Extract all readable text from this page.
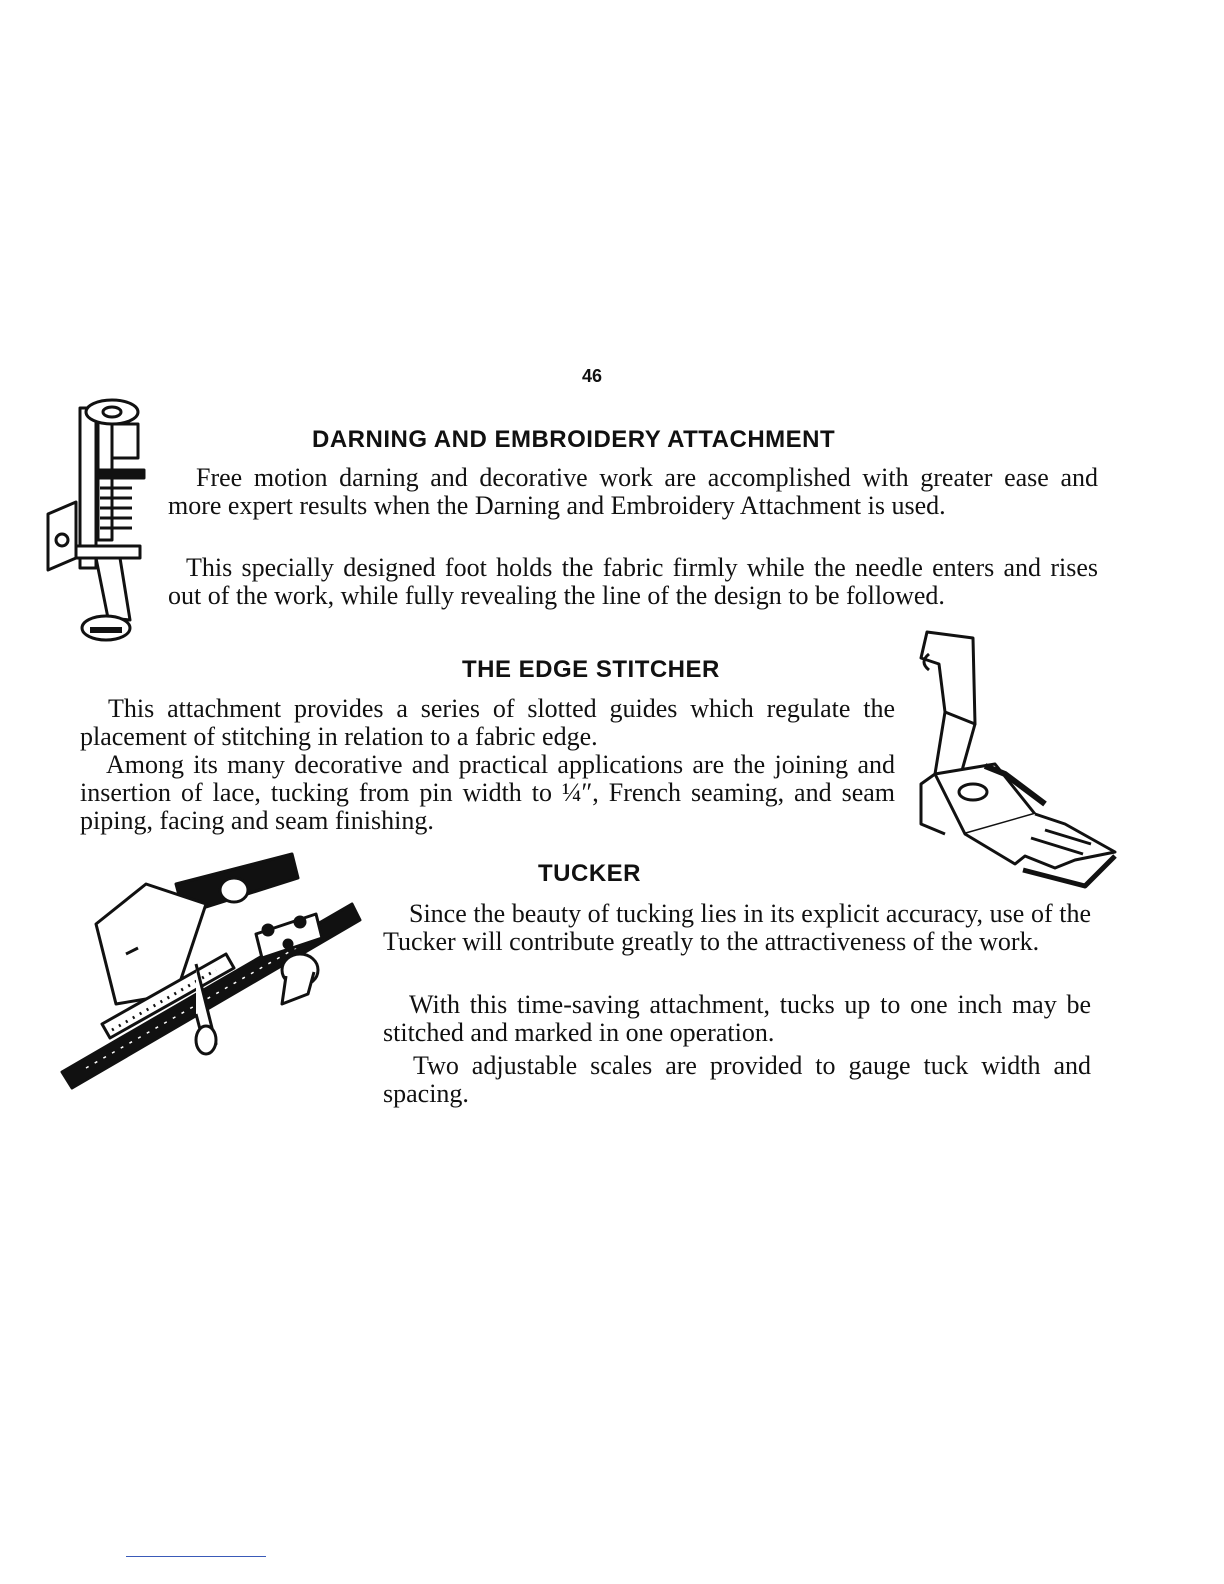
46
DARNING AND EMBROIDERY ATTACHMENT

Free motion darning and decorative work are accomplished with greater ease and more expert results when the Darning and Embroidery Attachment is used.

This specially designed foot holds the fabric firmly while the needle enters and rises out of the work, while fully revealing the line of the design to be followed.

THE EDGE STITCHER

This attachment provides a series of slotted guides which regulate the placement of stitching in relation to a fabric edge.

Among its many decorative and practical applications are the joining and insertion of lace, tucking from pin width to ¼″, French seaming, and seam piping, facing and seam finishing.

TUCKER

Since the beauty of tucking lies in its explicit accuracy, use of the Tucker will contribute greatly to the attractiveness of the work.

With this time-saving attachment, tucks up to one inch may be stitched and marked in one operation.

Two adjustable scales are provided to gauge tuck width and spacing.
